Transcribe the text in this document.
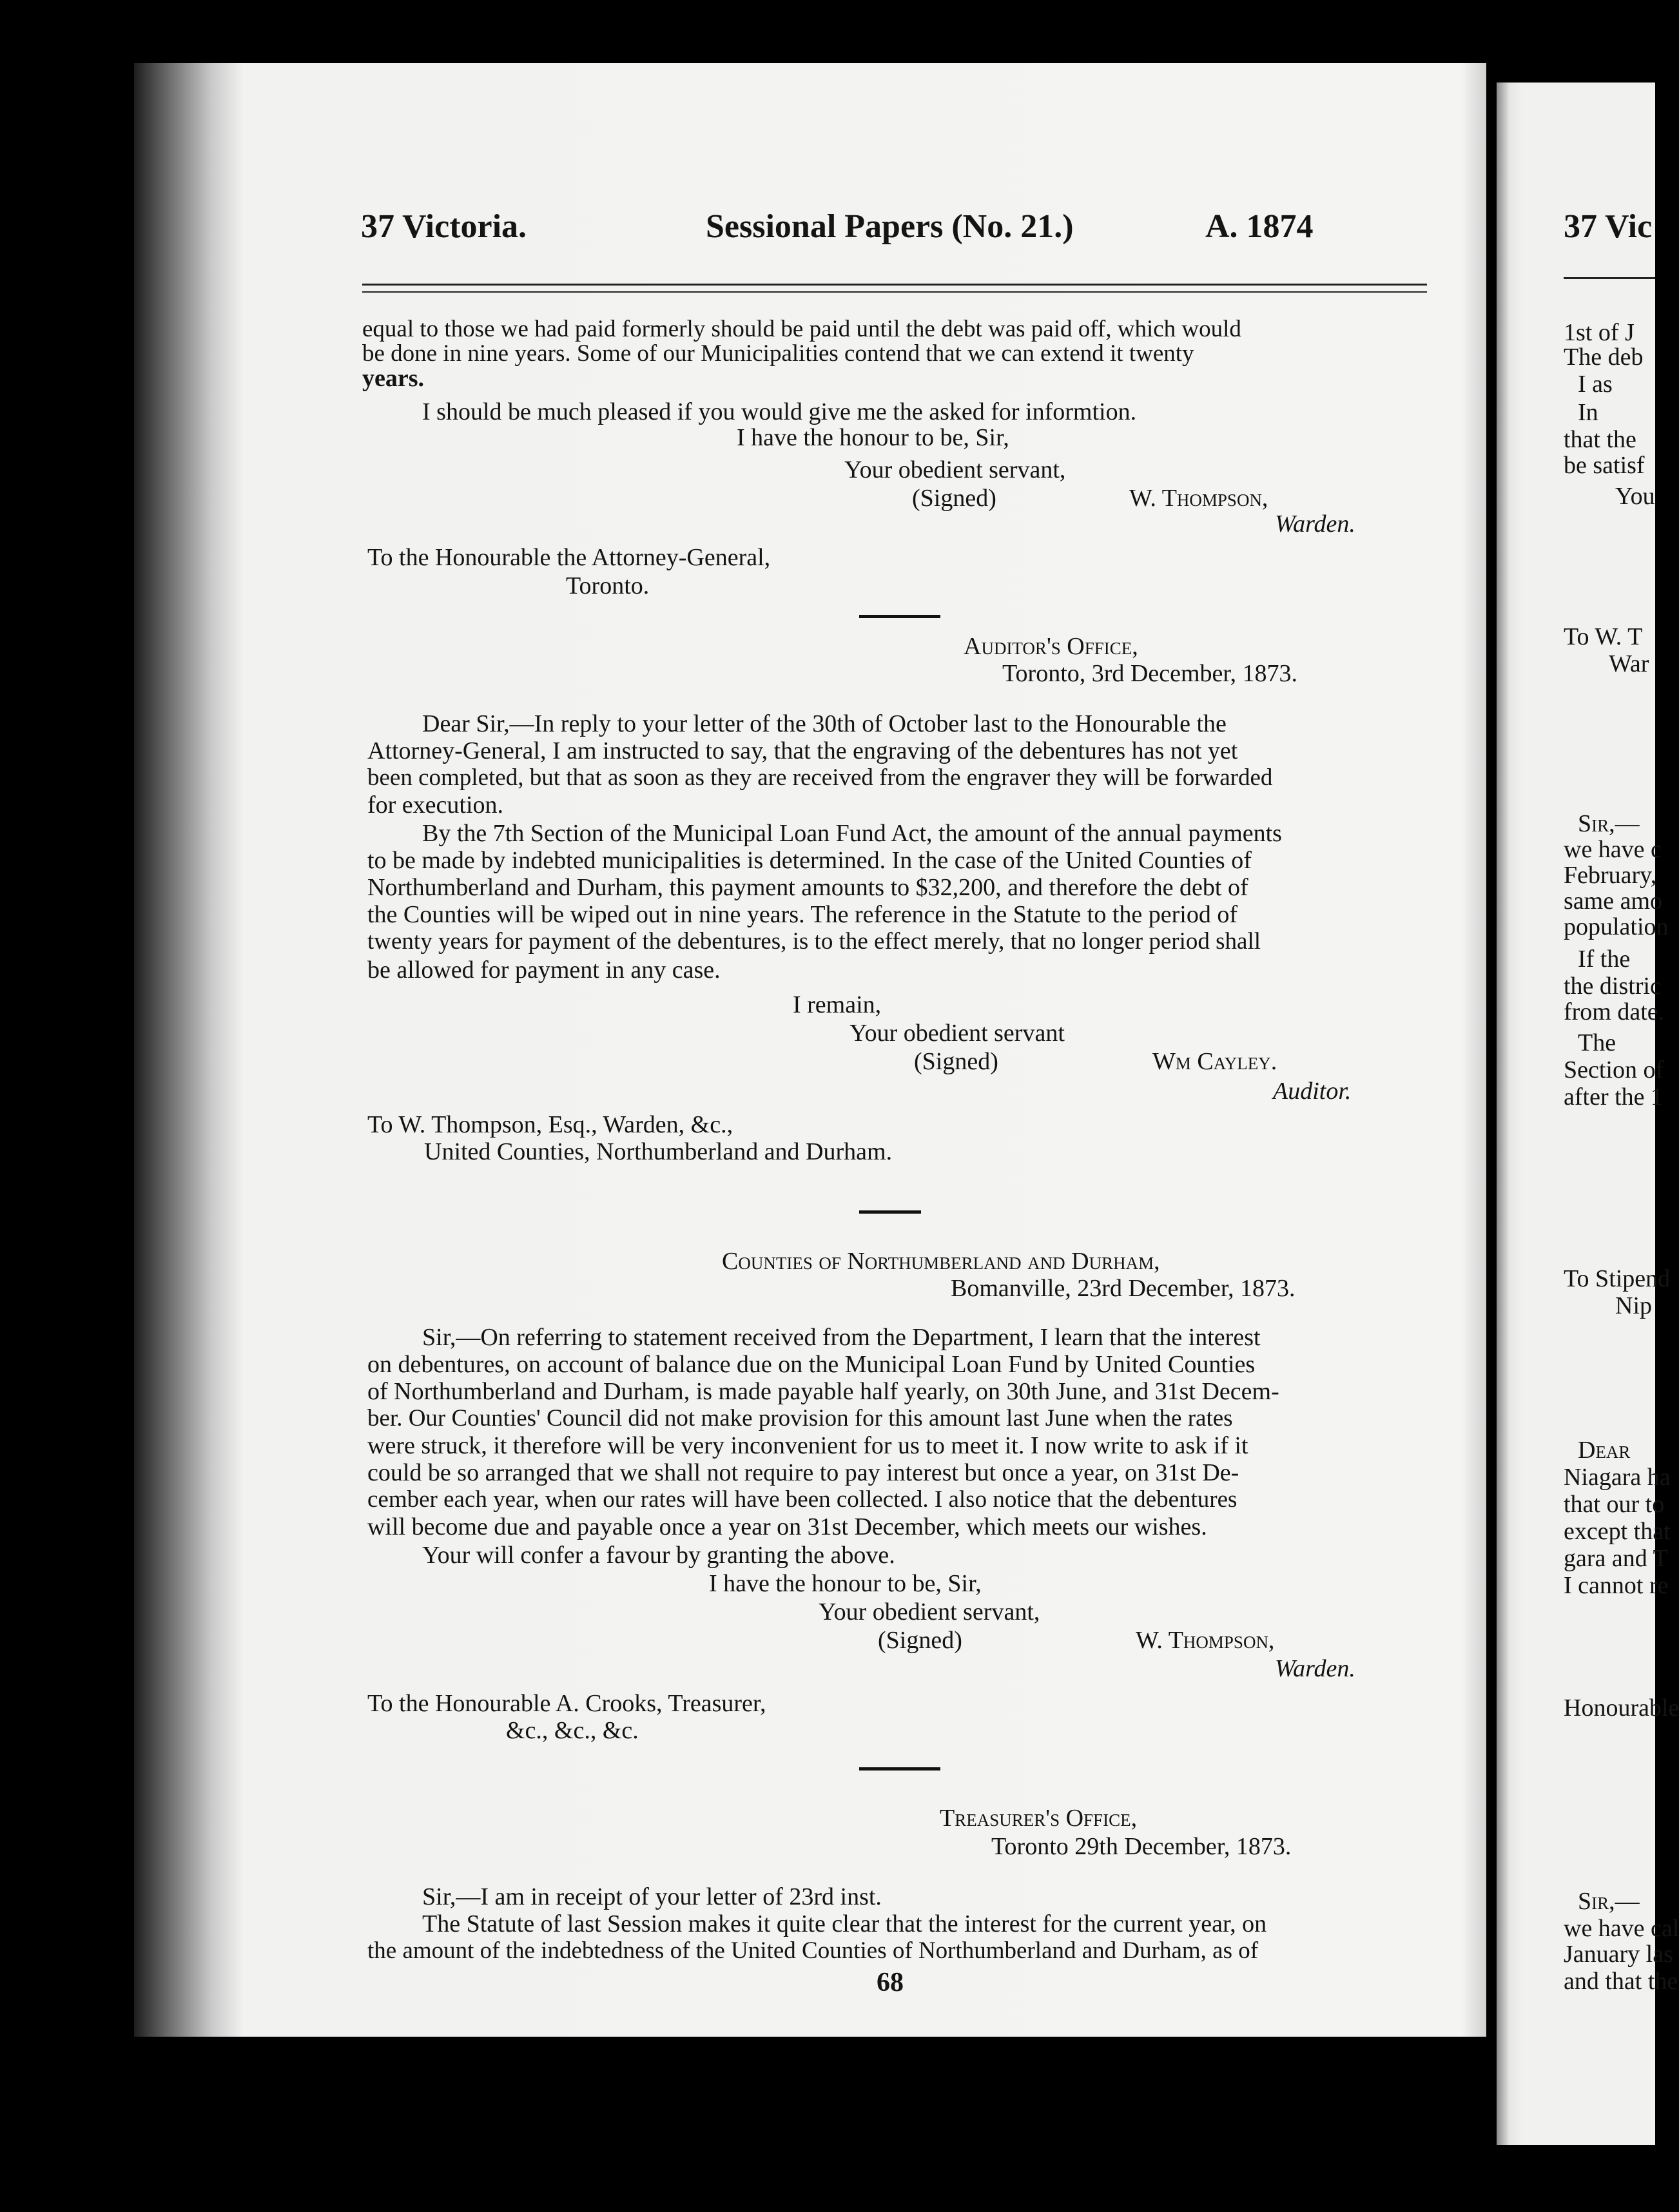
37 Victoria.	Sessional Papers (No. 21.)	A. 1874
equal to those we had paid formerly should be paid until the debt was paid off, which would
be done in nine years. Some of our Municipalities contend that we can extend it twenty
years.
I should be much pleased if you would give me the asked for informtion.
I have the honour to be, Sir,
Your obedient servant,
(Signed)	W. Thompson,
Warden.
To the Honourable the Attorney-General,
Toronto.
Auditor's Office,
Toronto, 3rd December, 1873.
Dear Sir,—In reply to your letter of the 30th of October last to the Honourable the
Attorney-General, I am instructed to say, that the engraving of the debentures has not yet
been completed, but that as soon as they are received from the engraver they will be forwarded
for execution.
By the 7th Section of the Municipal Loan Fund Act, the amount of the annual payments
to be made by indebted municipalities is determined. In the case of the United Counties of
Northumberland and Durham, this payment amounts to $32,200, and therefore the debt of
the Counties will be wiped out in nine years. The reference in the Statute to the period of
twenty years for payment of the debentures, is to the effect merely, that no longer period shall
be allowed for payment in any case.
I remain,
Your obedient servant
(Signed)	Wm Cayley.
Auditor.
To W. Thompson, Esq., Warden, &c.,
United Counties, Northumberland and Durham.
Counties of Northumberland and Durham,
Bomanville, 23rd December, 1873.
Sir,—On referring to statement received from the Department, I learn that the interest
on debentures, on account of balance due on the Municipal Loan Fund by United Counties
of Northumberland and Durham, is made payable half yearly, on 30th June, and 31st Decem-
ber. Our Counties' Council did not make provision for this amount last June when the rates
were struck, it therefore will be very inconvenient for us to meet it. I now write to ask if it
could be so arranged that we shall not require to pay interest but once a year, on 31st De-
cember each year, when our rates will have been collected. I also notice that the debentures
will become due and payable once a year on 31st December, which meets our wishes.
Your will confer a favour by granting the above.
I have the honour to be, Sir,
Your obedient servant,
(Signed)	W. Thompson,
Warden.
To the Honourable A. Crooks, Treasurer,
&c., &c., &c.
Treasurer's Office,
Toronto 29th December, 1873.
Sir,—I am in receipt of your letter of 23rd inst.
The Statute of last Session makes it quite clear that the interest for the current year, on
the amount of the indebtedness of the United Counties of Northumberland and Durham, as of
68
37 Vic
1st of J
The deb
I as
In
that the
be satisf
You
To W. T
War
Sir,—
we have c
February,
same amo
population
If the
the distric
from date.
The
Section of
after the 1
To Stipend
Nip
Dear
Niagara ha
that our to
except that
gara and T
I cannot re
Honourable
Sir,—
we have cal
January las
and that the
